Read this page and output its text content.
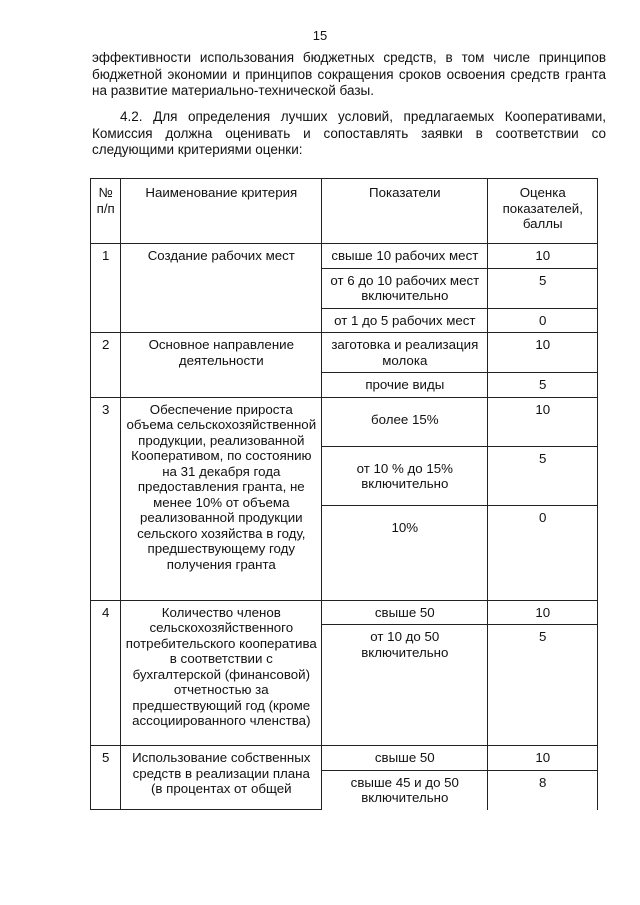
15
эффективности использования бюджетных средств, в том числе принципов бюджетной экономии и принципов сокращения сроков освоения средств гранта на развитие материально-технической базы.
4.2. Для определения лучших условий, предлагаемых Кооперативами, Комиссия должна оценивать и сопоставлять заявки в соответствии со следующими критериями оценки:
№ п/п	Наименование критерия	Показатели	Оценка показателей, баллы
1	Создание рабочих мест	свыше 10 рабочих мест	10
		от 6 до 10 рабочих мест включительно	5
		от 1 до 5 рабочих мест	0
2	Основное направление деятельности	заготовка и реализация молока	10
		прочие виды	5
3	Обеспечение прироста объема сельскохозяйственной продукции, реализованной Кооперативом, по состоянию на 31 декабря года предоставления гранта, не менее 10% от объема реализованной продукции сельского хозяйства в году, предшествующему году получения гранта	более 15%	10
		от 10 % до 15% включительно	5
		10%	0
4	Количество членов сельскохозяйственного потребительского кооператива в соответствии с бухгалтерской (финансовой) отчетностью за предшествующий год (кроме ассоциированного членства)	свыше 50	10
		от 10 до 50 включительно	5
5	Использование собственных средств в реализации плана (в процентах от общей	свыше 50	10
		свыше 45 и до 50 включительно	8
